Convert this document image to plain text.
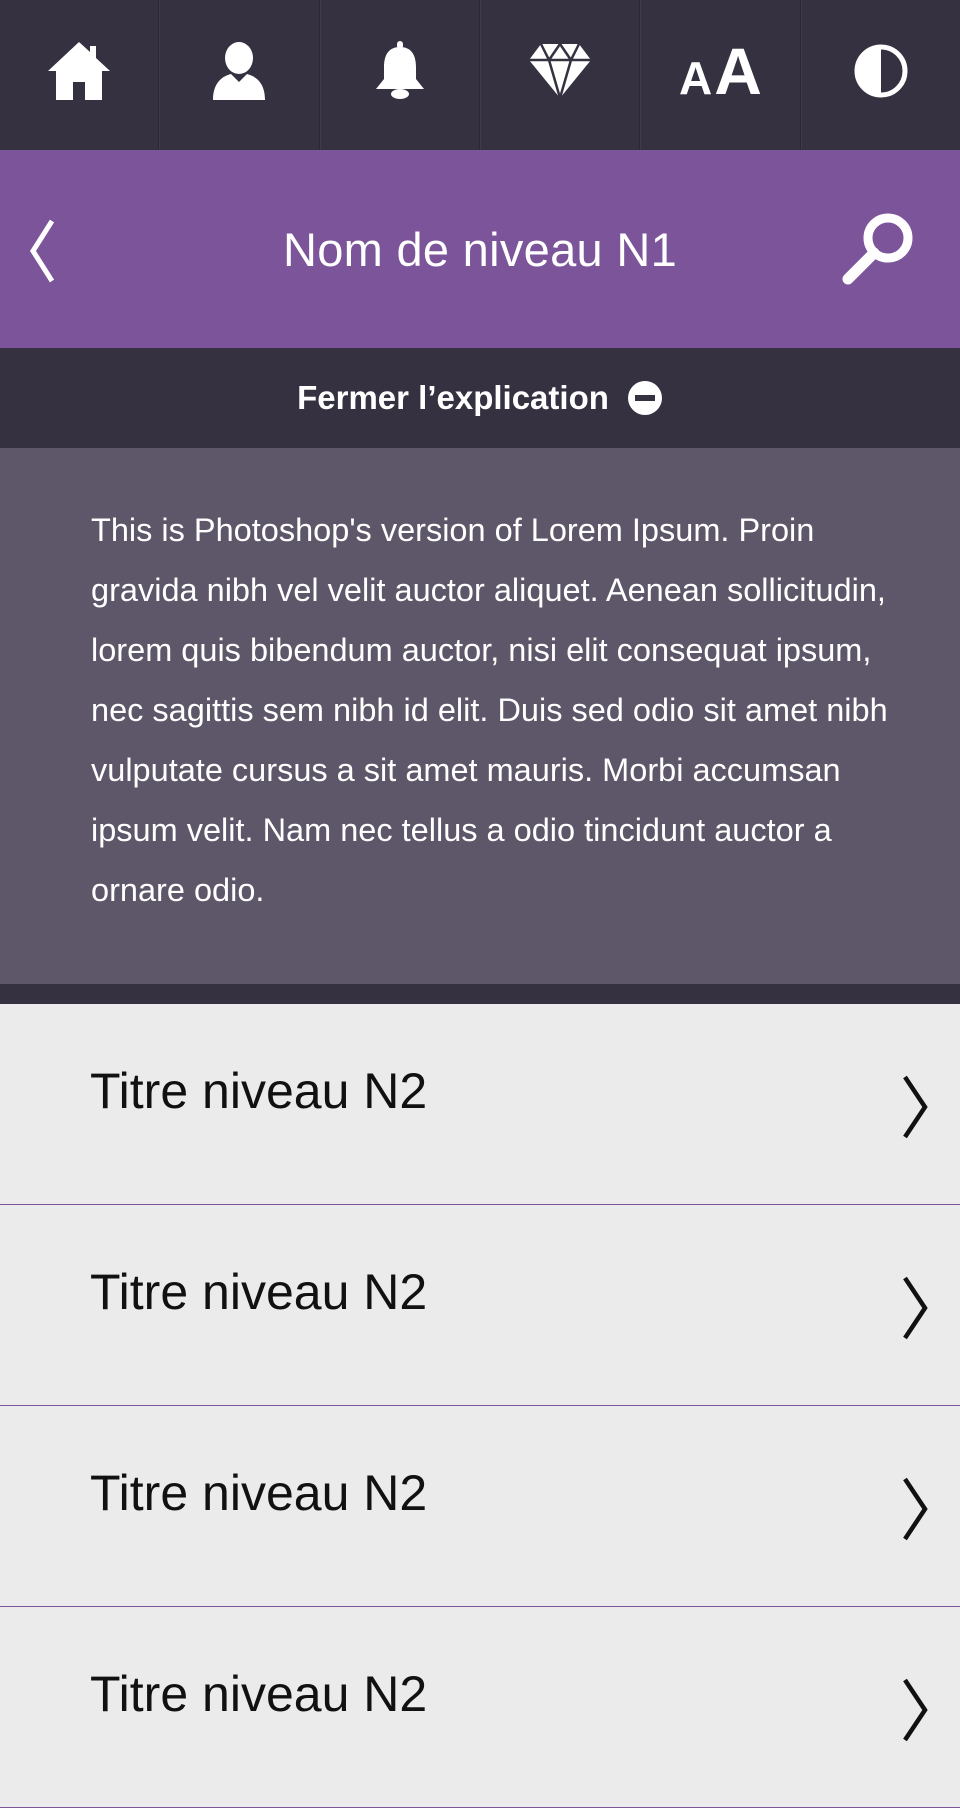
A A
Nom de niveau N1
Fermer l’explication
This is Photoshop's version of Lorem Ipsum. Proin gravida nibh vel velit auctor aliquet. Aenean sollicitudin, lorem quis bibendum auctor, nisi elit consequat ipsum, nec sagittis sem nibh id elit. Duis sed odio sit amet nibh vulputate cursus a sit amet mauris. Morbi accumsan ipsum velit. Nam nec tellus a odio tincidunt auctor a ornare odio.
Titre niveau N2
Titre niveau N2
Titre niveau N2
Titre niveau N2
